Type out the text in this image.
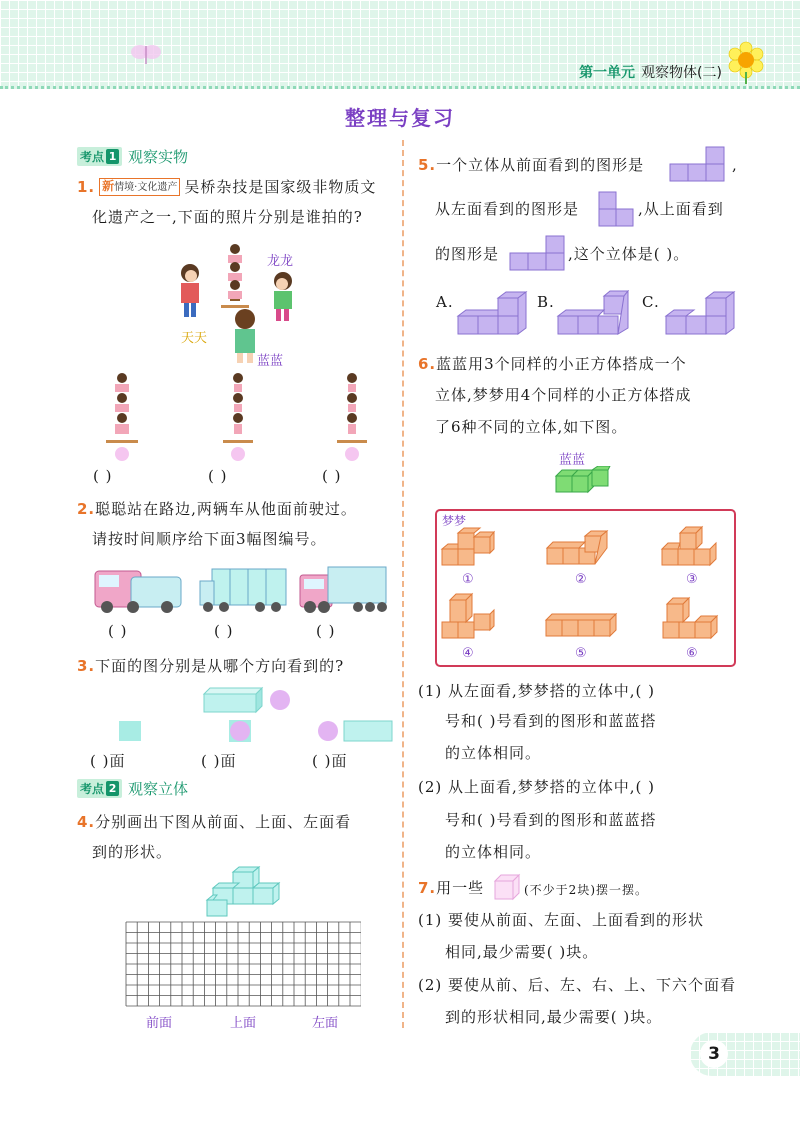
第一单元 观察物体(二)
整理与复习
考点 1 观察实物
1. 新情境·文化遗产 吴桥杂技是国家级非物质文
化遗产之一,下面的照片分别是谁拍的?
龙龙
天天
蓝蓝
( )	( )	( )
2.聪聪站在路边,两辆车从他面前驶过。
请按时间顺序给下面3幅图编号。
( )	( )	( )
3.下面的图分别是从哪个方向看到的?
( )面	( )面	( )面
考点 2 观察立体
4.分别画出下图从前面、上面、左面看
到的形状。
前面	上面	左面
5.一个立体从前面看到的图形是	,
从左面看到的图形是	,从上面看到
的图形是	,这个立体是( )。
A.	B.	C.
6.蓝蓝用3个同样的小正方体搭成一个
立体,梦梦用4个同样的小正方体搭成
了6种不同的立体,如下图。
蓝蓝
梦梦
①	②	③
④	⑤	⑥
(1) 从左面看,梦梦搭的立体中,( )
号和( )号看到的图形和蓝蓝搭
的立体相同。
(2) 从上面看,梦梦搭的立体中,( )
号和( )号看到的图形和蓝蓝搭
的立体相同。
7.用一些	(不少于2块)摆一摆。
(1) 要使从前面、左面、上面看到的形状
相同,最少需要( )块。
(2) 要使从前、后、左、右、上、下六个面看
到的形状相同,最少需要( )块。
3
